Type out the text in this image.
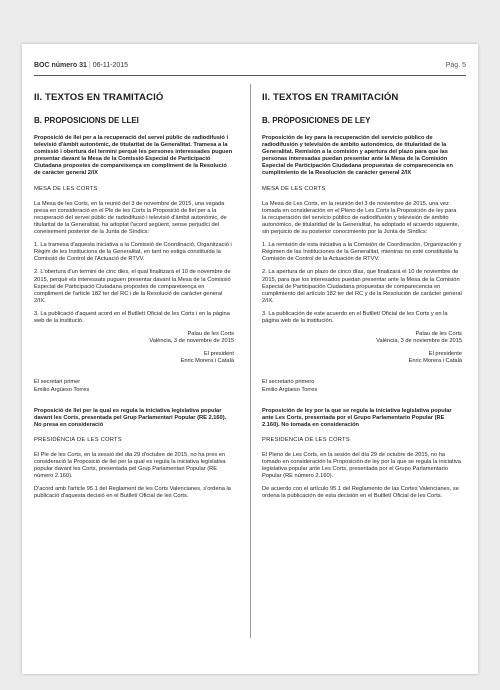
BOC número 31 | 06-11-2015	Pàg. 5
II. TEXTOS EN TRAMITACIÓ
B. PROPOSICIONS DE LLEI

Proposició de llei per a la recuperació del servei públic de radiodifusió i televisió d'àmbit autonòmic, de titularitat de la Generalitat. Tramesa a la comissió i obertura del termini perquè les persones interessades puguen presentar davant la Mesa de la Comissió Especial de Participació Ciutadana propostes de compareixença en compliment de la Resolució de caràcter general 2/IX

MESA DE LES CORTS

La Mesa de les Corts, en la reunió del 3 de novembre de 2015, una vegada presa en consideració en el Ple de les Corts la Proposició de llei per a la recuperació del servei públic de radiodifusió i televisió d'àmbit autonòmic, de titularitat de la Generalitat, ha adoptat l'acord següent, sense perjudici del coneixement posterior de la Junta de Síndics:

1. La tramesa d'aquesta iniciativa a la Comissió de Coordinació, Organització i Règim de les Institucions de la Generalitat, en tant no estiga constituïda la Comissió de Control de l'Actuació de RTVV.

2. L'obertura d'un termini de cinc dies, el qual finalitzarà el 10 de novembre de 2015, perquè els interessats puguen presentar davant la Mesa de la Comissió Especial de Participació Ciutadana propostes de compareixença en compliment de l'article 182 ter del RC i de la Resolució de caràcter general 2/IX.

3. La publicació d'aquest acord en el Butlletí Oficial de les Corts i en la pàgina web de la institució.

Palau de les Corts

València, 3 de novembre de 2015

El president

Enric Morera i Català

El secretari primer

Emilio Argüeso Torres

Proposició de llei per la qual es regula la iniciativa legislativa popular davant les Corts, presentada pel Grup Parlamentari Popular (RE 2.160). No presa en consideració

PRESIDÈNCIA DE LES CORTS

El Ple de les Corts, en la sessió del dia 29 d'octubre de 2015, no ha pres en consideració la Proposició de llei per la qual es regula la iniciativa legislativa popular davant les Corts, presentada pel Grup Parlamentari Popular (RE número 2.160).

D'acord amb l'article 95.1 del Reglament de les Corts Valencianes, s'ordena la publicació d'aquesta decisió en el Butlletí Oficial de les Corts.

II. TEXTOS EN TRAMITACIÓN
B. PROPOSICIONES DE LEY

Proposición de ley para la recuperación del servicio público de radiodifusión y televisión de ámbito autonómico, de titularidad de la Generalitat. Remisión a la comisión y apertura del plazo para que las personas interesadas puedan presentar ante la Mesa de la Comisión Especial de Participación Ciudadana propuestas de comparecencia en cumplimiento de la Resolución de carácter general 2/IX

MESA DE LES CORTS

La Mesa de Les Corts, en la reunión del 3 de noviembre de 2015, una vez tomada en consideración en el Pleno de Les Corts la Proposición de ley para la recuperación del servicio público de radiodifusión y televisión de ámbito autonómico, de titularidad de la Generalitat, ha adoptado el acuerdo siguiente, sin perjuicio de su posterior conocimiento por la Junta de Síndics:

1. La remisión de esta iniciativa a la Comisión de Coordinación, Organización y Régimen de las Instituciones de la Generalitat, mientras no esté constituida la Comisión de Control de la Actuación de RTVV.

2. La apertura de un plazo de cinco días, que finalizará el 10 de noviembre de 2015, para que los interesados puedan presentar ante la Mesa de la Comisión Especial de Participación Ciudadana propuestas de comparecencia en cumplimiento del artículo 182 ter del RC y de la Resolución de carácter general 2/IX.

3. La publicación de este acuerdo en el Butlletí Oficial de les Corts y en la página web de la institución.

Palau de les Corts

València, 3 de noviembre de 2015

El presidente

Enric Morera i Català

El secretario primero

Emilio Argüeso Torres

Proposición de ley por la que se regula la iniciativa legislativa popular ante Les Corts, presentada por el Grupo Parlamentario Popular (RE 2.160). No tomada en consideración

PRESIDENCIA DE LES CORTS

El Pleno de Les Corts, en la sesión del día 29 de octubre de 2015, no ha tomado en consideración la Proposición de ley por la que se regula la iniciativa legislativa popular ante Les Corts, presentada por el Grupo Parlamentario Popular (RE número 2.160).

De acuerdo con el artículo 95.1 del Reglamento de las Cortes Valencianes, se ordena la publicación de esta decisión en el Butlletí Oficial de les Corts.
